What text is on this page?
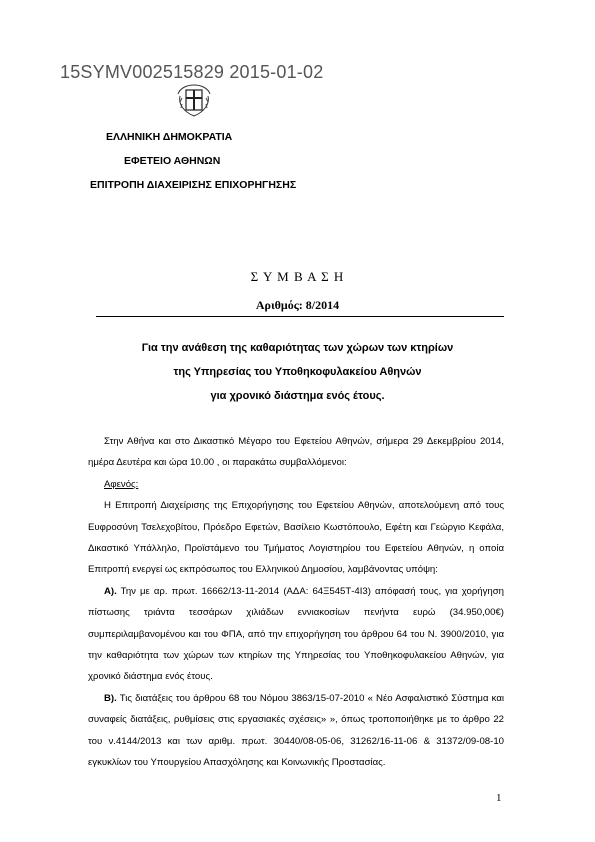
15SYMV002515829 2015-01-02
ΕΛΛΗΝΙΚΗ ΔΗΜΟΚΡΑΤΙΑ
ΕΦΕΤΕΙΟ ΑΘΗΝΩΝ
ΕΠΙΤΡΟΠΗ ΔΙΑΧΕΙΡΙΣΗΣ ΕΠΙΧΟΡΗΓΗΣΗΣ
Σ Υ Μ Β Α Σ Η
Αριθμός: 8/2014
Για την ανάθεση της καθαριότητας των χώρων των κτηρίων
της Υπηρεσίας του Υποθηκοφυλακείου Αθηνών
για χρονικό διάστημα ενός έτους.

Στην Αθήνα και στο Δικαστικό Μέγαρο του Εφετείου Αθηνών, σήμερα 29 Δεκεμβρίου 2014, ημέρα Δευτέρα και ώρα 10.00 , οι παρακάτω συμβαλλόμενοι:

Αφενός:

Η Επιτροπή Διαχείρισης της Επιχορήγησης του Εφετείου Αθηνών, αποτελούμενη από τους Ευφροσύνη Τσελεχοβίτου, Πρόεδρο Εφετών, Βασίλειο Κωστόπουλο, Εφέτη και Γεώργιο Κεφάλα, Δικαστικό Υπάλληλο, Προϊστάμενο του Τμήματος Λογιστηρίου του Εφετείου Αθηνών, η οποία Επιτροπή ενεργεί ως εκπρόσωπος του Ελληνικού Δημοσίου, λαμβάνοντας υπόψη:

Α). Την με αρ. πρωτ. 16662/13-11-2014 (ΑΔΑ: 64Ξ545Τ-4Ι3) απόφασή τους, για χορήγηση πίστωσης τριάντα τεσσάρων χιλιάδων εννιακοσίων πενήντα ευρώ (34.950,00€) συμπεριλαμβανομένου και του ΦΠΑ, από την επιχορήγηση του άρθρου 64 του Ν. 3900/2010, για την καθαριότητα των χώρων των κτηρίων της Υπηρεσίας του Υποθηκοφυλακείου Αθηνών, για χρονικό διάστημα ενός έτους.

Β). Τις διατάξεις του άρθρου 68 του Νόμου 3863/15-07-2010 « Νέο Ασφαλιστικό Σύστημα και συναφείς διατάξεις, ρυθμίσεις στις εργασιακές σχέσεις» », όπως τροποποιήθηκε με το άρθρο 22 του ν.4144/2013 και των αριθμ. πρωτ. 30440/08-05-06, 31262/16-11-06 & 31372/09-08-10 εγκυκλίων του Υπουργείου Απασχόλησης και Κοινωνικής Προστασίας.

1
